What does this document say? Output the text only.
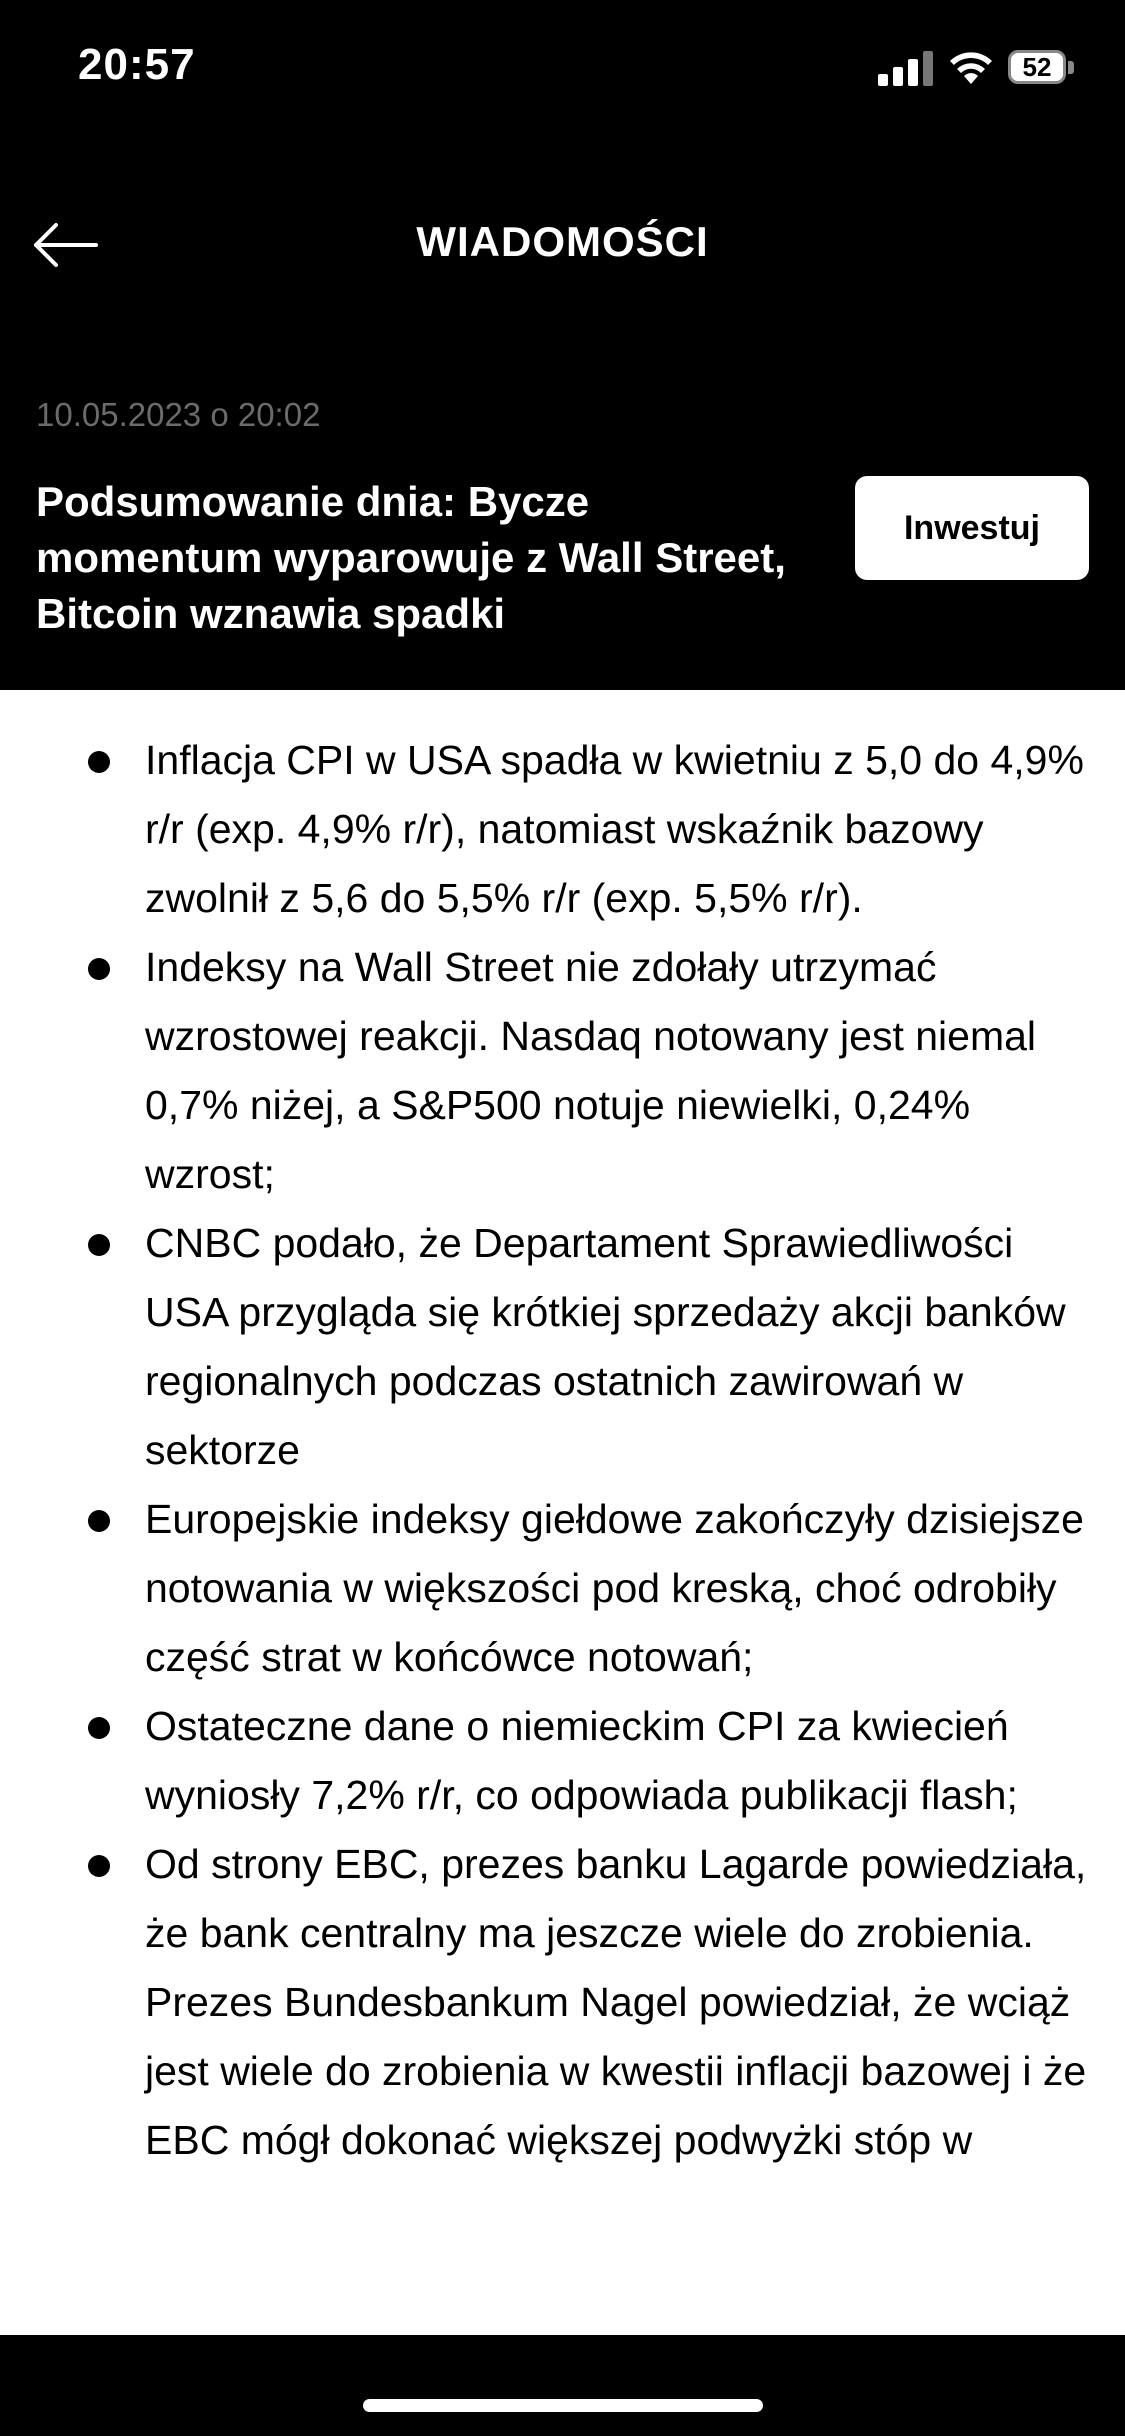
20:57	52
WIADOMOŚCI
10.05.2023 o 20:02
Podsumowanie dnia: Bycze momentum wyparowuje z Wall Street, Bitcoin wznawia spadki
Inwestuj
Inflacja CPI w USA spadła w kwietniu z 5,0 do 4,9% r/r (exp. 4,9% r/r), natomiast wskaźnik bazowy zwolnił z 5,6 do 5,5% r/r (exp. 5,5% r/r).
Indeksy na Wall Street nie zdołały utrzymać wzrostowej reakcji. Nasdaq notowany jest niemal 0,7% niżej, a S&P500 notuje niewielki, 0,24% wzrost;
CNBC podało, że Departament Sprawiedliwości USA przygląda się krótkiej sprzedaży akcji banków regionalnych podczas ostatnich zawirowań w sektorze
Europejskie indeksy giełdowe zakończyły dzisiejsze notowania w większości pod kreską, choć odrobiły część strat w końcówce notowań;
Ostateczne dane o niemieckim CPI za kwiecień wyniosły 7,2% r/r, co odpowiada publikacji flash;
Od strony EBC, prezes banku Lagarde powiedziała, że bank centralny ma jeszcze wiele do zrobienia. Prezes Bundesbankum Nagel powiedział, że wciąż jest wiele do zrobienia w kwestii inflacji bazowej i że EBC mógł dokonać większej podwyżki stóp w
